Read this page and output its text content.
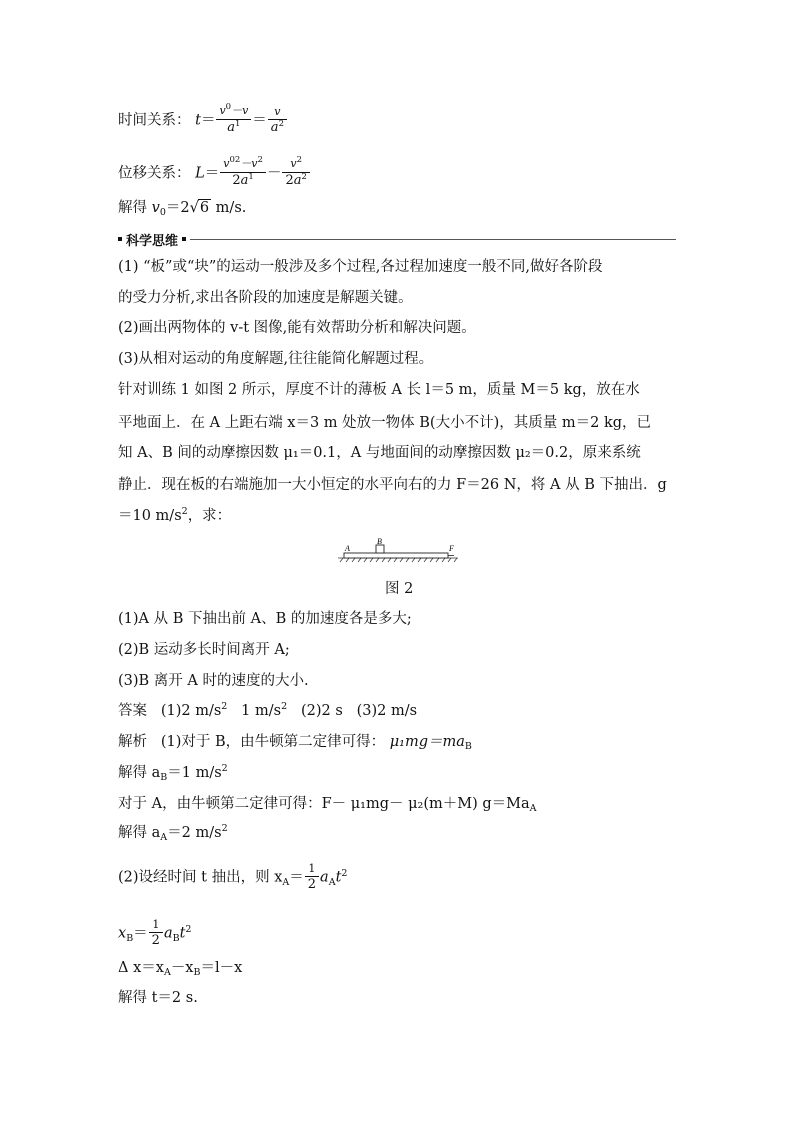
时间关系： $t= \frac{v^0-v}{a^1} = \frac{v}{a^2}$
位移关系： $L= \frac{v^{02}-v^2}{2a^1} - \frac{v^2}{2a^2}$
解得 $v_0=2√6$ m/s.
科学思维
(1) “板”或“块”的运动一般涉及多个过程,各过程加速度一般不同,做好各阶段
的受力分析,求出各阶段的加速度是解题关键。
(2)画出两物体的 v-t 图像,能有效帮助分析和解决问题。
(3)从相对运动的角度解题,往往能简化解题过程。
针对训练 1 如图 2 所示，厚度不计的薄板 A 长 l＝5 m，质量 M＝5 kg，放在水
平地面上．在 A 上距右端 x＝3 m 处放一物体 B(大小不计)，其质量 m＝2 kg，已
知 A、B 间的动摩擦因数 μ₁＝0.1，A 与地面间的动摩擦因数 μ₂＝0.2，原来系统
静止．现在板的右端施加一大小恒定的水平向右的力 F＝26 N，将 A 从 B 下抽出．g
＝10 $m/s^2$，求：
A
B
F
图 2
(1)A 从 B 下抽出前 A、B 的加速度各是多大;
(2)B 运动多长时间离开 A;
(3)B 离开 A 时的速度的大小.
答案 (1)2 $m/s^2$ 1 $m/s^2$ (2)2 s (3)2 m/s
解析 (1)对于 B，由牛顿第二定律可得： $\mu_1mg=ma_B$
解得 $a_B=1$ $m/s^2$
对于 A，由牛顿第二定律可得：F－ μ₁mg－ μ₂(m＋M) $g=Ma_A$
解得 $a_A=2$ $m/s^2$
(2)设经时间 t 抽出，则 $x_A= \frac{1}{2} a_At^2$
$x_B= \frac{1}{2} a_Bt^2$
Δ $x=x_A-x_B=l-x$
解得 t＝2 s.
